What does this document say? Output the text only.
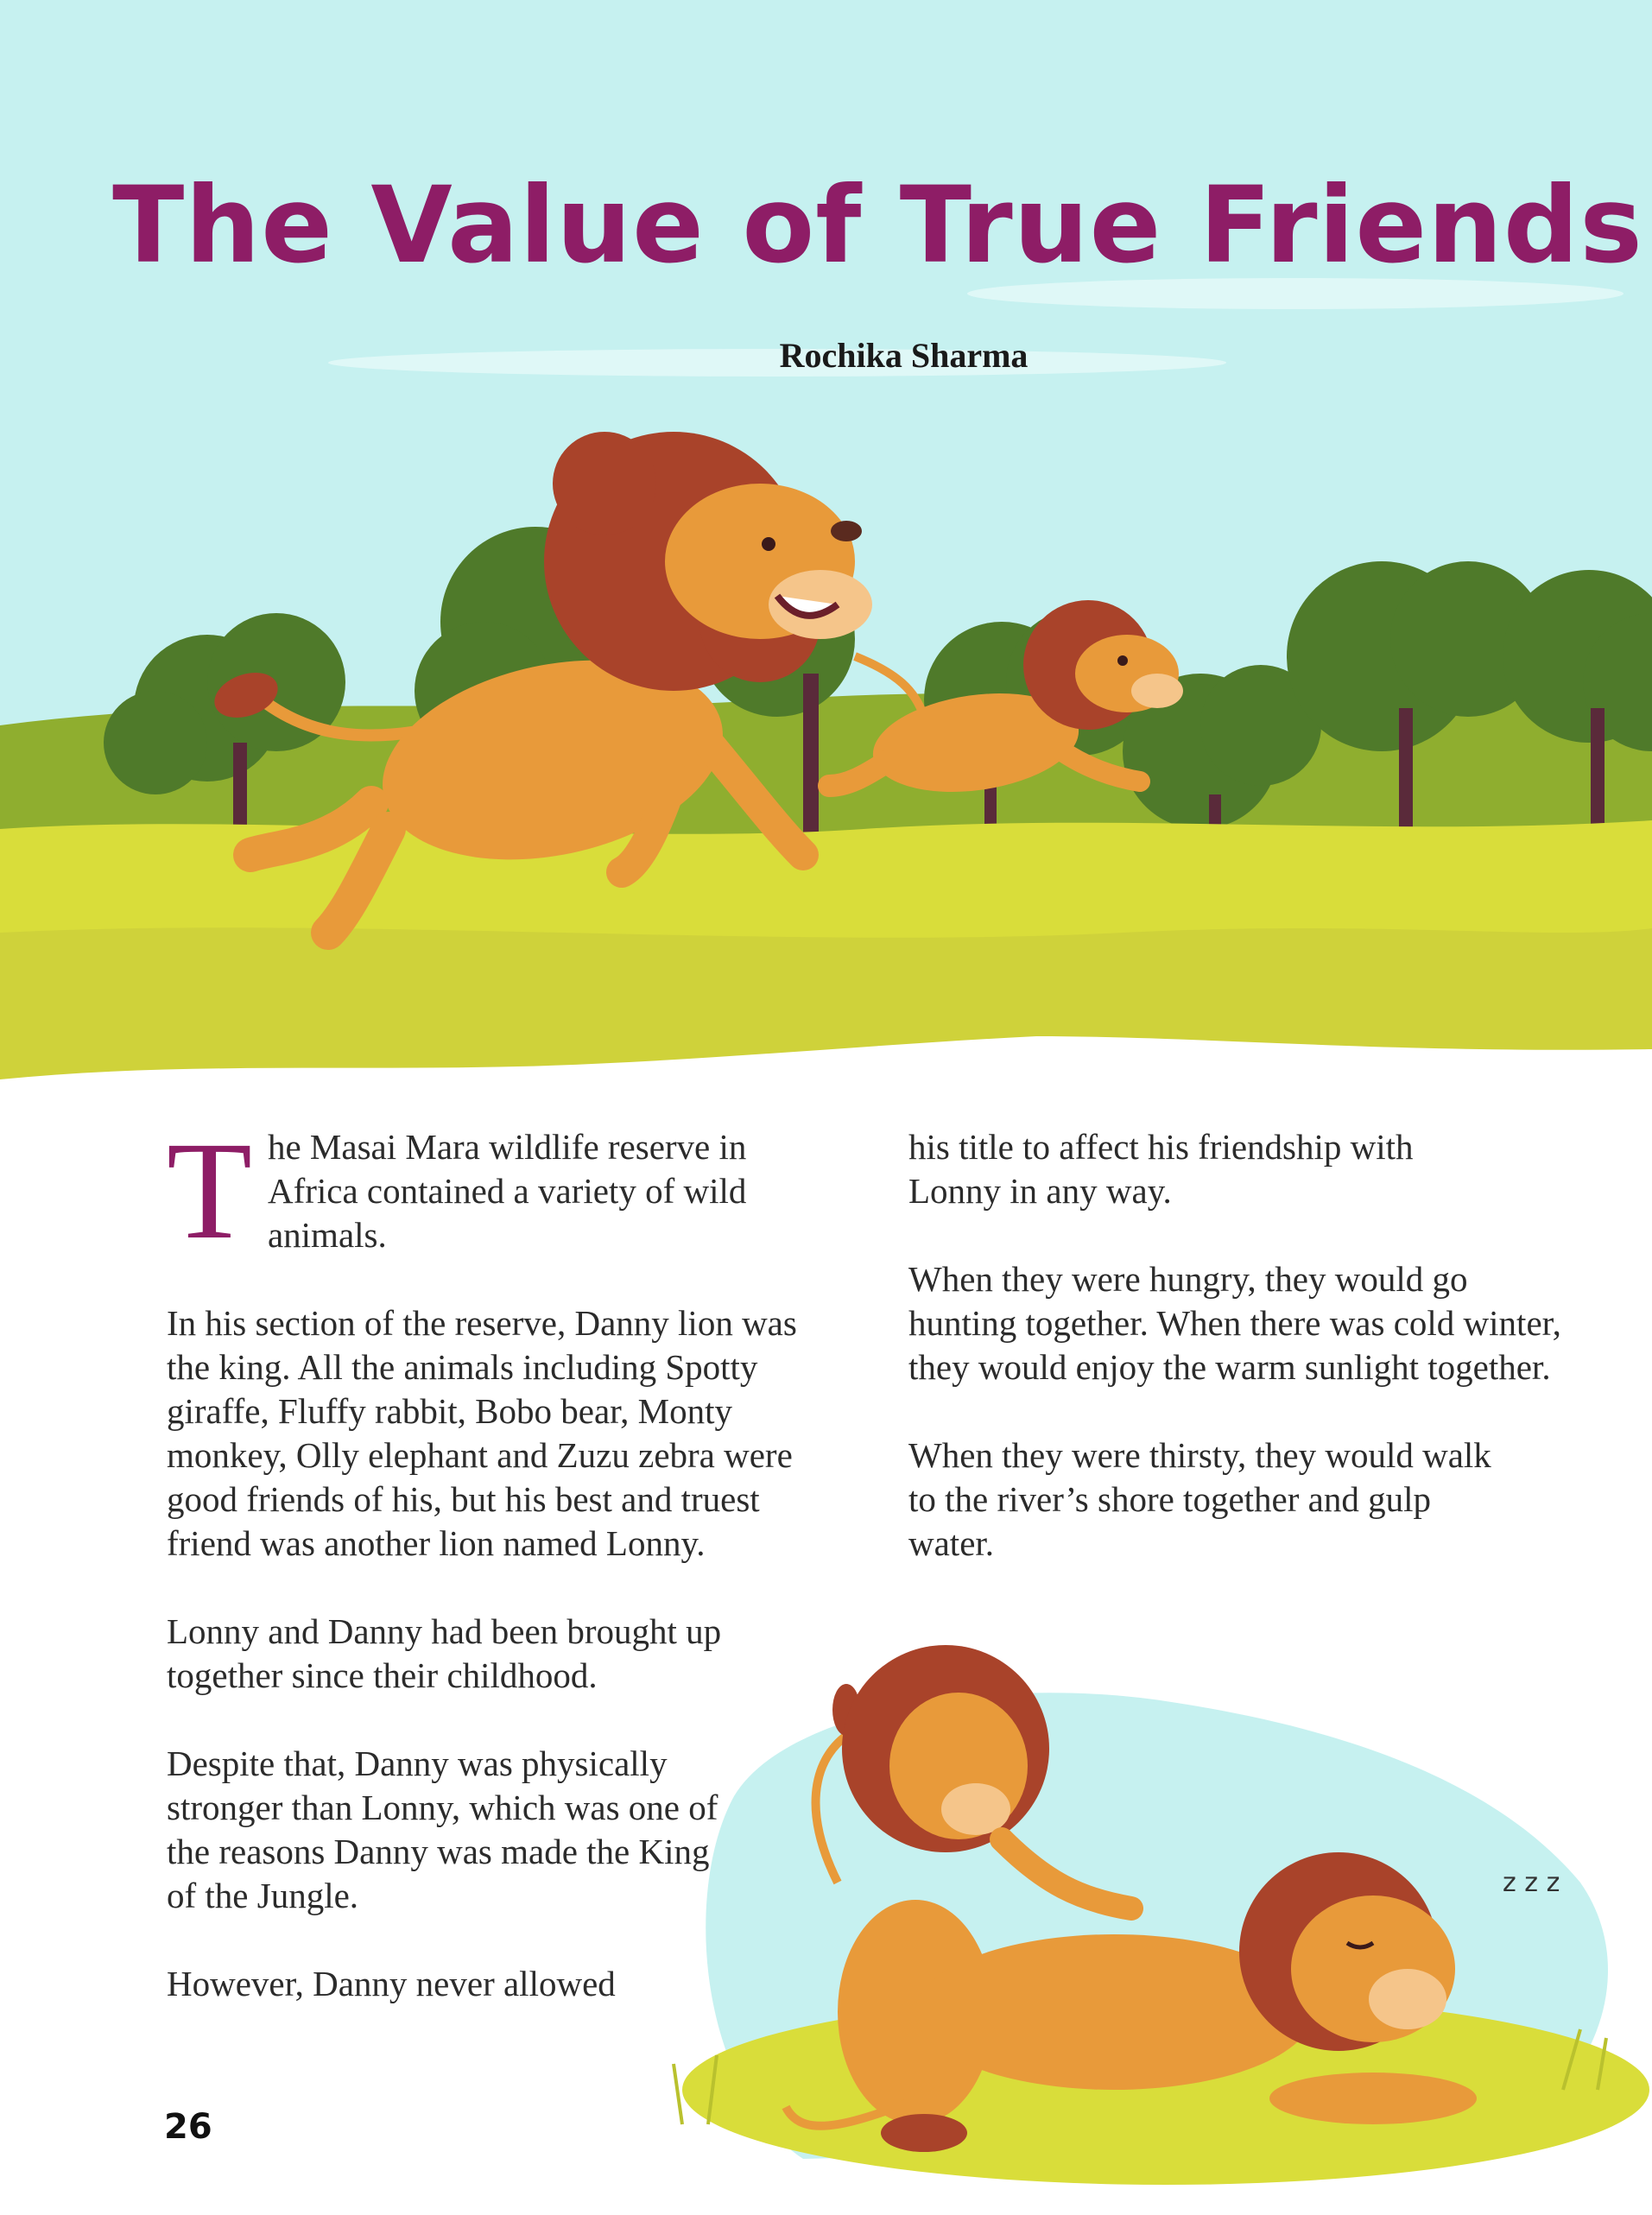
The Value of True Friends
Rochika Sharma

The Masai Mara wildlife reserve in Africa contained a variety of wild animals.

In his section of the reserve, Danny lion was the king. All the animals including Spotty giraffe, Fluffy rabbit, Bobo bear, Monty monkey, Olly elephant and Zuzu zebra were good friends of his, but his best and truest friend was another lion named Lonny.

Lonny and Danny had been brought up together since their childhood.

Despite that, Danny was physically stronger than Lonny, which was one of the reasons Danny was made the King of the Jungle.

However, Danny never allowed

his title to affect his friendship with Lonny in any way.

When they were hungry, they would go hunting together. When there was cold winter, they would enjoy the warm sunlight together.

When they were thirsty, they would walk to the river’s shore together and gulp water.

z z z
26
